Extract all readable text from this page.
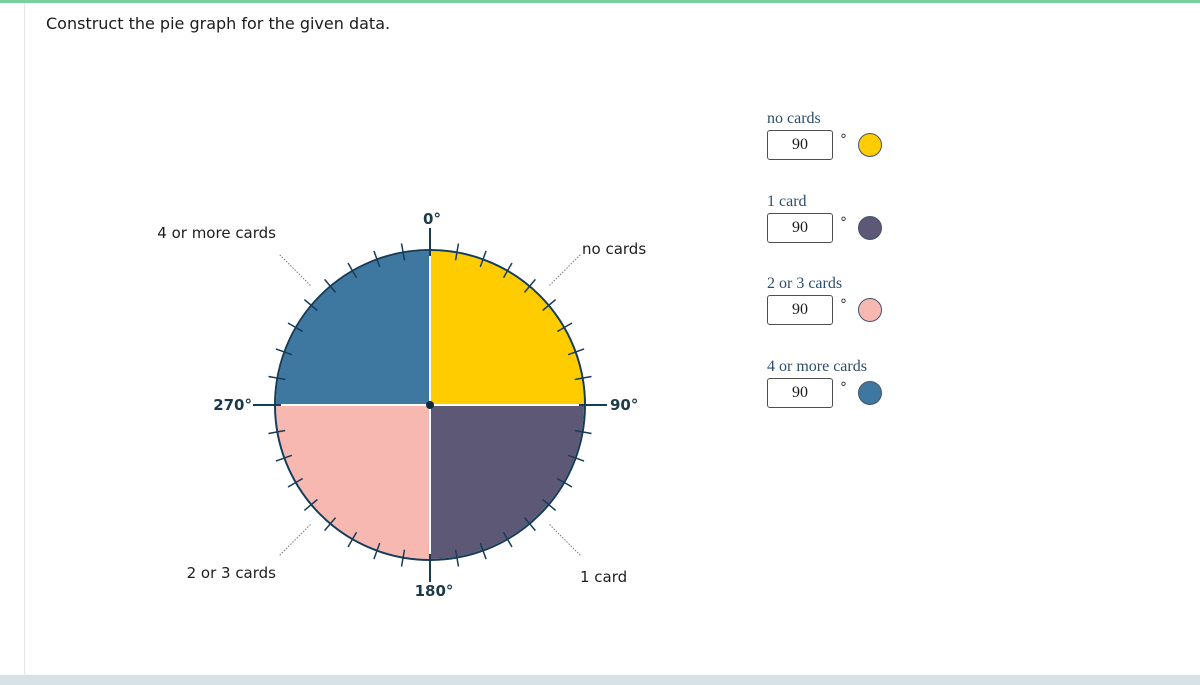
Construct the pie graph for the given data.
0°
90°
180°
270°
no cards
1 card
2 or 3 cards
4 or more cards
no cards
90
°
1 card
90
°
2 or 3 cards
90
°
4 or more cards
90
°
